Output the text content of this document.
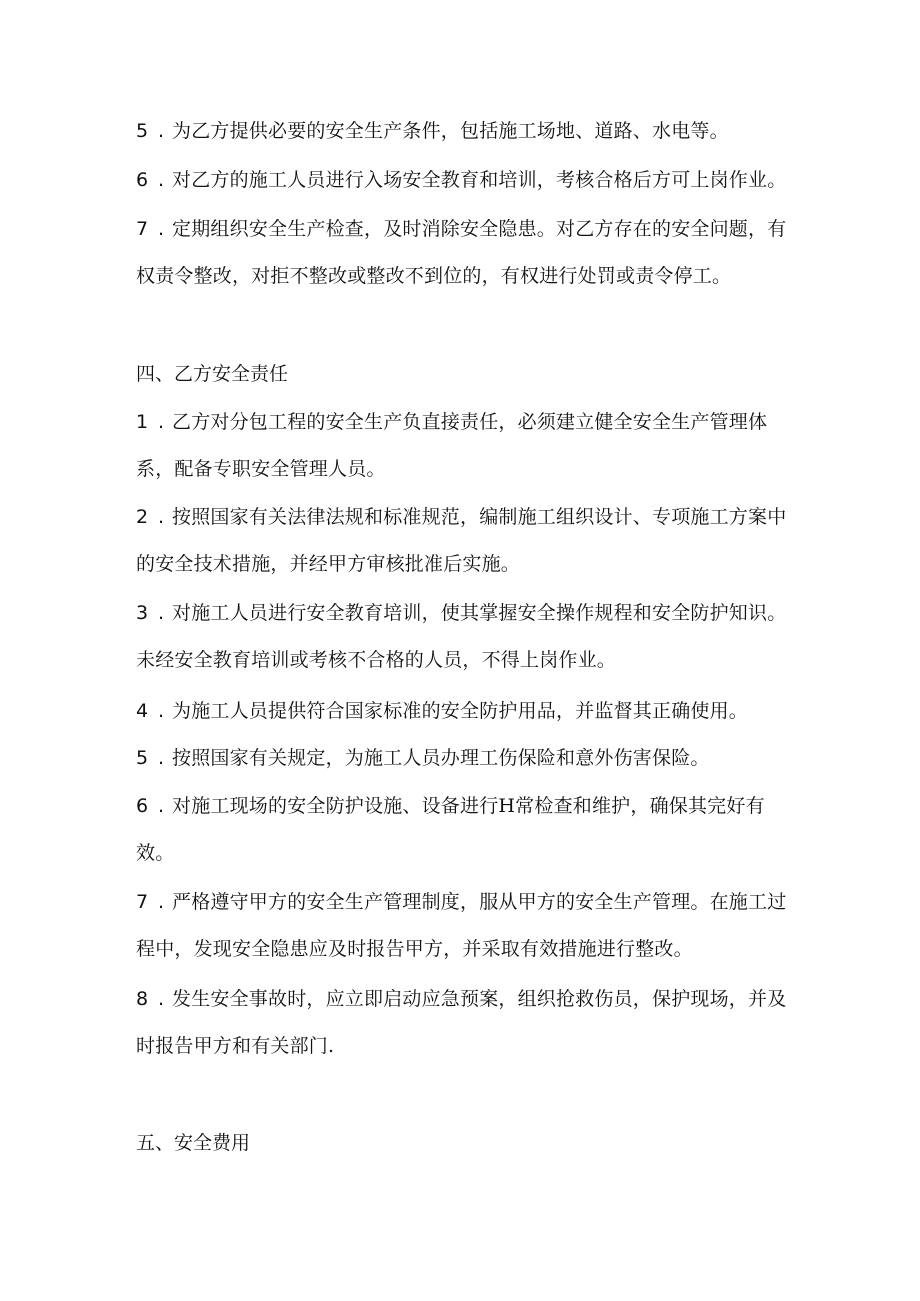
5 . 为乙方提供必要的安全生产条件，包括施工场地、道路、水电等。
6 . 对乙方的施工人员进行入场安全教育和培训，考核合格后方可上岗作业。
7 . 定期组织安全生产检查，及时消除安全隐患。对乙方存在的安全问题，有
权责令整改，对拒不整改或整改不到位的，有权进行处罚或责令停工。
四、乙方安全责任
1 . 乙方对分包工程的安全生产负直接责任，必须建立健全安全生产管理体
系，配备专职安全管理人员。
2 . 按照国家有关法律法规和标准规范，编制施工组织设计、专项施工方案中
的安全技术措施，并经甲方审核批准后实施。
3 . 对施工人员进行安全教育培训，使其掌握安全操作规程和安全防护知识。
未经安全教育培训或考核不合格的人员，不得上岗作业。
4 . 为施工人员提供符合国家标准的安全防护用品，并监督其正确使用。
5 . 按照国家有关规定，为施工人员办理工伤保险和意外伤害保险。
6 . 对施工现场的安全防护设施、设备进行H常检查和维护，确保其完好有
效。
7 . 严格遵守甲方的安全生产管理制度，服从甲方的安全生产管理。在施工过
程中，发现安全隐患应及时报告甲方，并采取有效措施进行整改。
8 . 发生安全事故时，应立即启动应急预案，组织抢救伤员，保护现场，并及
时报告甲方和有关部门.
五、安全费用
